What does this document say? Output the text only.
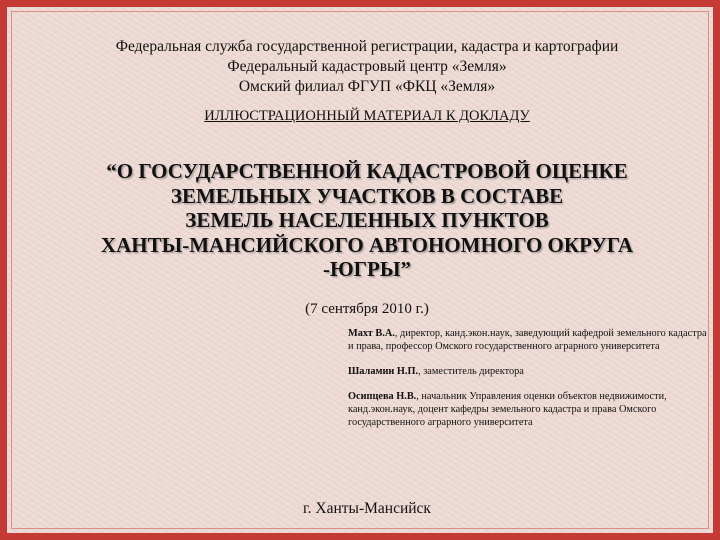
Федеральная служба государственной регистрации, кадастра и картографии
Федеральный кадастровый центр «Земля»
Омский филиал ФГУП «ФКЦ «Земля»
ИЛЛЮСТРАЦИОННЫЙ МАТЕРИАЛ К ДОКЛАДУ
“О ГОСУДАРСТВЕННОЙ КАДАСТРОВОЙ ОЦЕНКЕ
ЗЕМЕЛЬНЫХ УЧАСТКОВ В СОСТАВЕ
ЗЕМЕЛЬ НАСЕЛЕННЫХ ПУНКТОВ
ХАНТЫ-МАНСИЙСКОГО АВТОНОМНОГО ОКРУГА
-ЮГРЫ”
(7 сентября 2010 г.)
Махт В.А., директор, канд.экон.наук, заведующий кафедрой земельного кадастра и права, профессор Омского государственного аграрного университета
Шаламин Н.П., заместитель директора
Осипцева Н.В., начальник Управления оценки объектов недвижимости, канд.экон.наук, доцент кафедры земельного кадастра и права Омского государственного аграрного университета
г. Ханты-Мансийск
